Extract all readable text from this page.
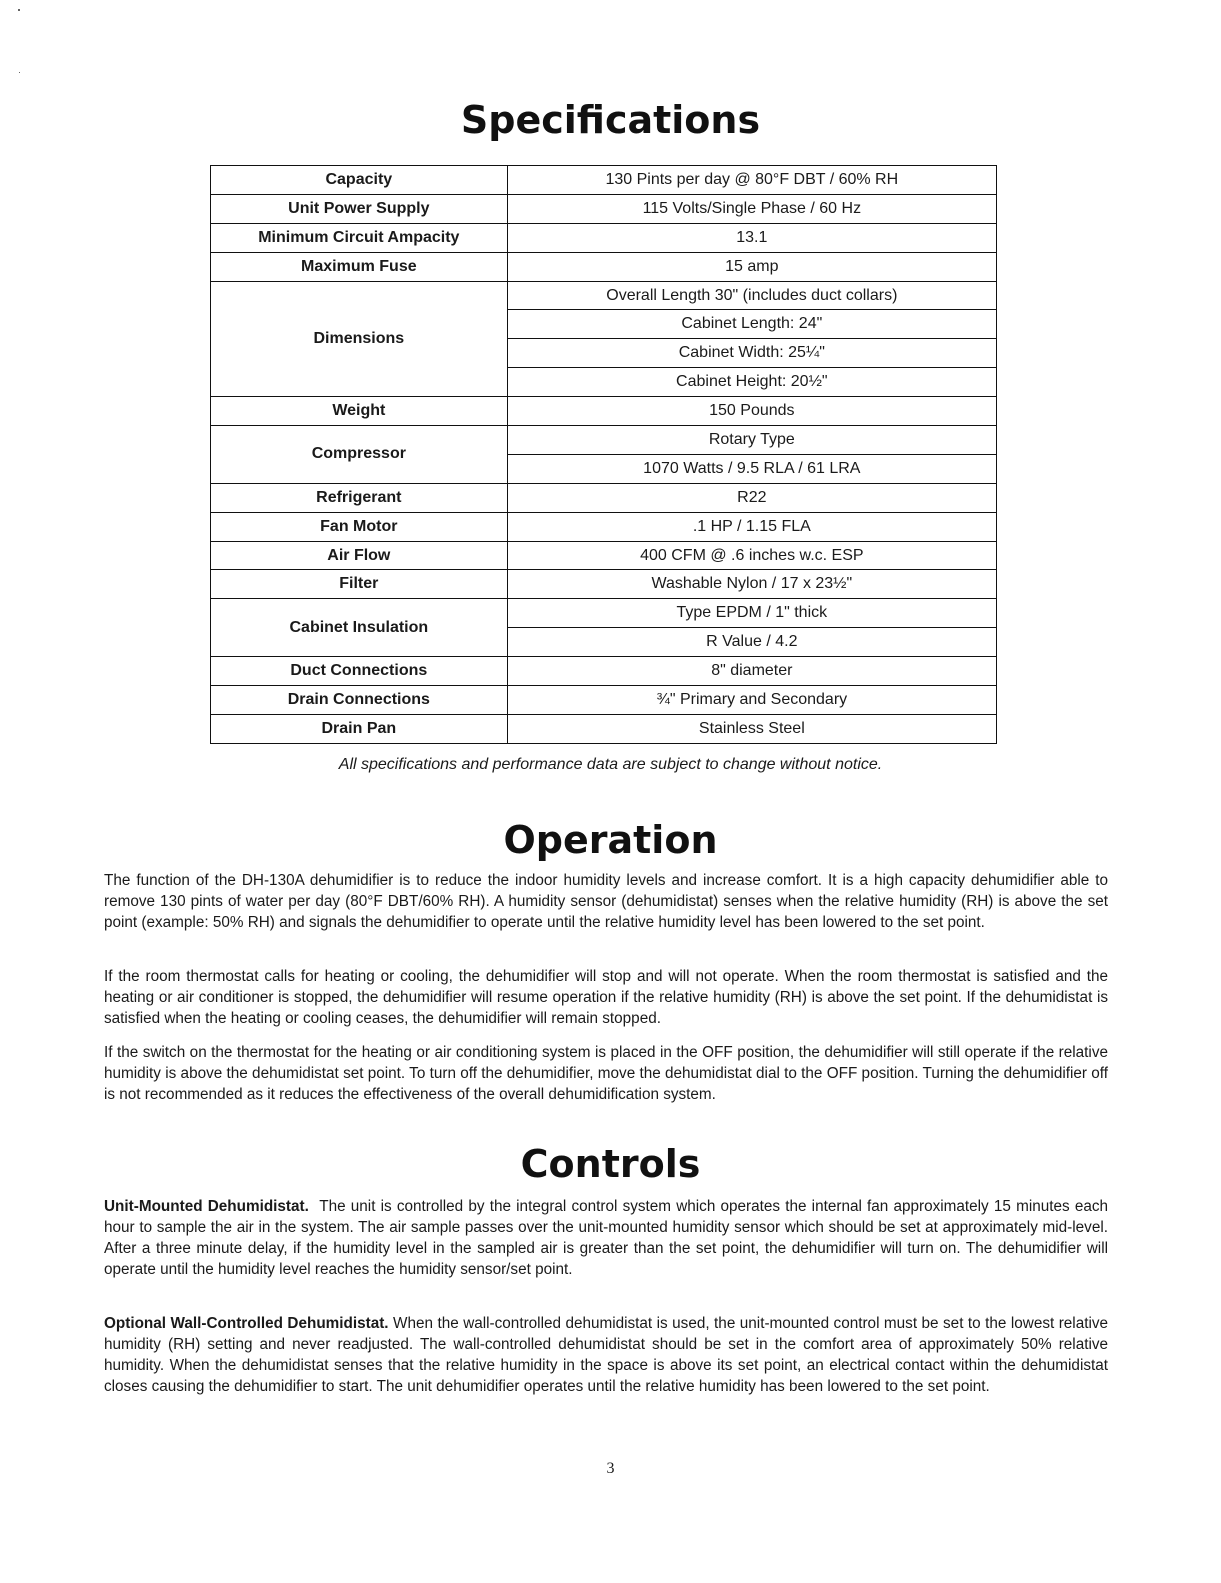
Specifications
Capacity	130 Pints per day @ 80°F DBT / 60% RH
Unit Power Supply	115 Volts/Single Phase / 60 Hz
Minimum Circuit Ampacity	13.1
Maximum Fuse	15 amp
Dimensions	Overall Length 30" (includes duct collars)
	Cabinet Length: 24"
	Cabinet Width: 25¼"
	Cabinet Height: 20½"
Weight	150 Pounds
Compressor	Rotary Type
	1070 Watts / 9.5 RLA / 61 LRA
Refrigerant	R22
Fan Motor	.1 HP / 1.15 FLA
Air Flow	400 CFM @ .6 inches w.c. ESP
Filter	Washable Nylon / 17 x 23½"
Cabinet Insulation	Type EPDM / 1" thick
	R Value / 4.2
Duct Connections	8" diameter
Drain Connections	¾" Primary and Secondary
Drain Pan	Stainless Steel
All specifications and performance data are subject to change without notice.
Operation

The function of the DH-130A dehumidifier is to reduce the indoor humidity levels and increase comfort. It is a high capacity dehumidifier able to remove 130 pints of water per day (80°F DBT/60% RH). A humidity sensor (dehumidistat) senses when the relative humidity (RH) is above the set point (example: 50% RH) and signals the dehumidifier to operate until the relative humidity level has been lowered to the set point.

If the room thermostat calls for heating or cooling, the dehumidifier will stop and will not operate. When the room thermostat is satisfied and the heating or air conditioner is stopped, the dehumidifier will resume operation if the relative humidity (RH) is above the set point. If the dehumidistat is satisfied when the heating or cooling ceases, the dehumidifier will remain stopped.

If the switch on the thermostat for the heating or air conditioning system is placed in the OFF position, the dehumidifier will still operate if the relative humidity is above the dehumidistat set point. To turn off the dehumidifier, move the dehumidistat dial to the OFF position. Turning the dehumidifier off is not recommended as it reduces the effectiveness of the overall dehumidification system.

Controls

Unit-Mounted Dehumidistat. The unit is controlled by the integral control system which operates the internal fan approximately 15 minutes each hour to sample the air in the system. The air sample passes over the unit-mounted humidity sensor which should be set at approximately mid-level. After a three minute delay, if the humidity level in the sampled air is greater than the set point, the dehumidifier will turn on. The dehumidifier will operate until the humidity level reaches the humidity sensor/set point.

Optional Wall-Controlled Dehumidistat. When the wall-controlled dehumidistat is used, the unit-mounted control must be set to the lowest relative humidity (RH) setting and never readjusted. The wall-controlled dehumidistat should be set in the comfort area of approximately 50% relative humidity. When the dehumidistat senses that the relative humidity in the space is above its set point, an electrical contact within the dehumidistat closes causing the dehumidifier to start. The unit dehumidifier operates until the relative humidity has been lowered to the set point.

3
